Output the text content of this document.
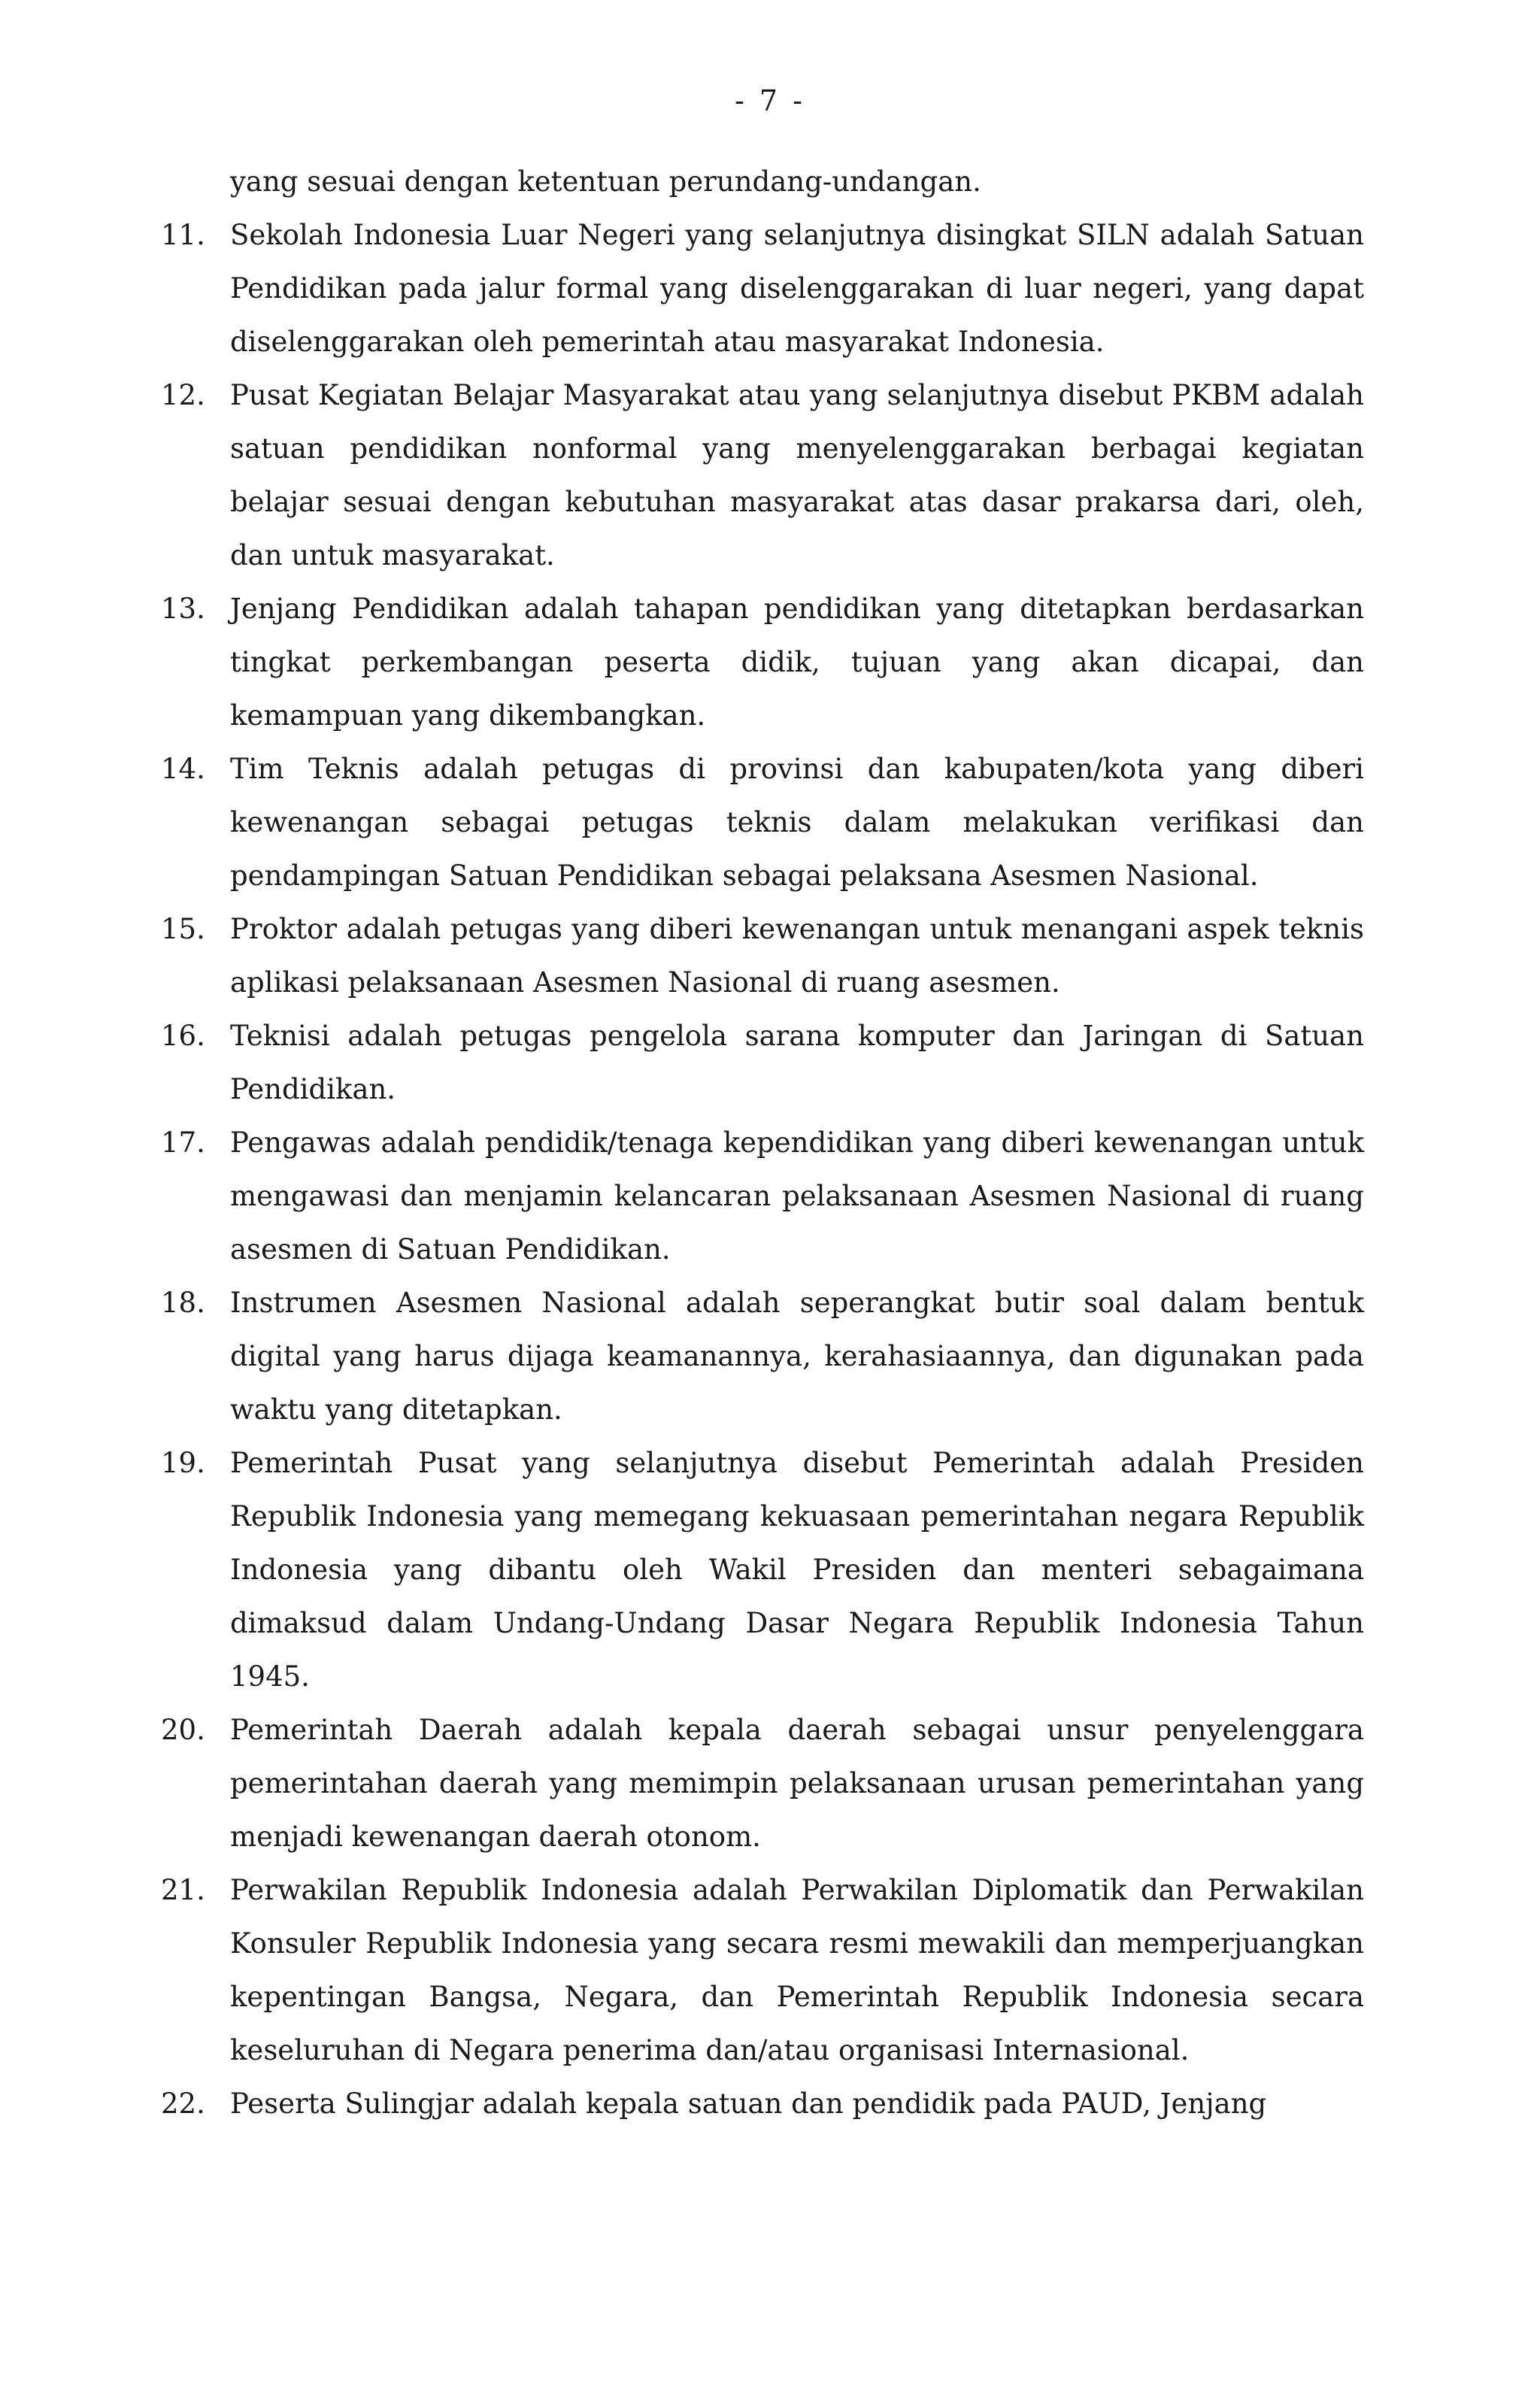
- 7 -
yang sesuai dengan ketentuan perundang-undangan.
11. Sekolah Indonesia Luar Negeri yang selanjutnya disingkat SILN adalah Satuan Pendidikan pada jalur formal yang diselenggarakan di luar negeri, yang dapat diselenggarakan oleh pemerintah atau masyarakat Indonesia.
12. Pusat Kegiatan Belajar Masyarakat atau yang selanjutnya disebut PKBM adalah satuan pendidikan nonformal yang menyelenggarakan berbagai kegiatan belajar sesuai dengan kebutuhan masyarakat atas dasar prakarsa dari, oleh, dan untuk masyarakat.
13. Jenjang Pendidikan adalah tahapan pendidikan yang ditetapkan berdasarkan tingkat perkembangan peserta didik, tujuan yang akan dicapai, dan kemampuan yang dikembangkan.
14. Tim Teknis adalah petugas di provinsi dan kabupaten/kota yang diberi kewenangan sebagai petugas teknis dalam melakukan verifikasi dan pendampingan Satuan Pendidikan sebagai pelaksana Asesmen Nasional.
15. Proktor adalah petugas yang diberi kewenangan untuk menangani aspek teknis aplikasi pelaksanaan Asesmen Nasional di ruang asesmen.
16. Teknisi adalah petugas pengelola sarana komputer dan Jaringan di Satuan Pendidikan.
17. Pengawas adalah pendidik/tenaga kependidikan yang diberi kewenangan untuk mengawasi dan menjamin kelancaran pelaksanaan Asesmen Nasional di ruang asesmen di Satuan Pendidikan.
18. Instrumen Asesmen Nasional adalah seperangkat butir soal dalam bentuk digital yang harus dijaga keamanannya, kerahasiaannya, dan digunakan pada waktu yang ditetapkan.
19. Pemerintah Pusat yang selanjutnya disebut Pemerintah adalah Presiden Republik Indonesia yang memegang kekuasaan pemerintahan negara Republik Indonesia yang dibantu oleh Wakil Presiden dan menteri sebagaimana dimaksud dalam Undang-Undang Dasar Negara Republik Indonesia Tahun 1945.
20. Pemerintah Daerah adalah kepala daerah sebagai unsur penyelenggara pemerintahan daerah yang memimpin pelaksanaan urusan pemerintahan yang menjadi kewenangan daerah otonom.
21. Perwakilan Republik Indonesia adalah Perwakilan Diplomatik dan Perwakilan Konsuler Republik Indonesia yang secara resmi mewakili dan memperjuangkan kepentingan Bangsa, Negara, dan Pemerintah Republik Indonesia secara keseluruhan di Negara penerima dan/atau organisasi Internasional.
22. Peserta Sulingjar adalah kepala satuan dan pendidik pada PAUD, Jenjang
